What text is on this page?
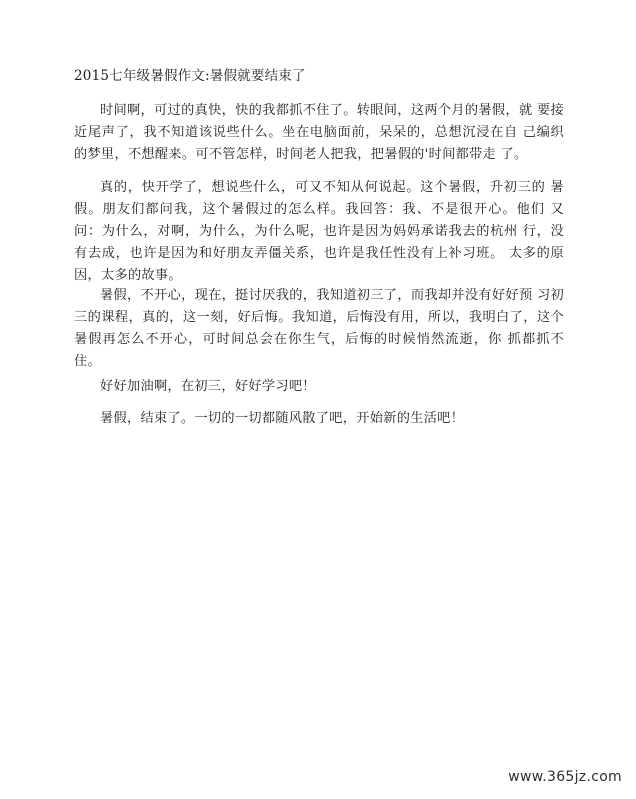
2015七年级暑假作文:暑假就要结束了

时间啊，可过的真快，快的我都抓不住了。转眼间，这两个月的暑假，就 要接近尾声了，我不知道该说些什么。坐在电脑面前，呆呆的，总想沉浸在自 己编织的梦里，不想醒来。可不管怎样，时间老人把我，把暑假的'时间都带走 了。

真的，快开学了，想说些什么，可又不知从何说起。这个暑假，升初三的 暑假。朋友们都问我，这个暑假过的怎么样。我回答：我、不是很开心。他们 又问：为什么，对啊，为什么，为什么呢，也许是因为妈妈承诺我去的杭州 行，没有去成，也许是因为和好朋友弄僵关系，也许是我任性没有上补习班。 太多的原因，太多的故事。

暑假，不开心，现在，挺讨厌我的，我知道初三了，而我却并没有好好预 习初三的课程，真的，这一刻，好后悔。我知道，后悔没有用，所以，我明白了，这个暑假再怎么不开心，可时间总会在你生气，后悔的时候悄然流逝，你 抓都抓不住。

好好加油啊，在初三，好好学习吧！

暑假，结束了。一切的一切都随风散了吧，开始新的生活吧！

www.365jz.com
